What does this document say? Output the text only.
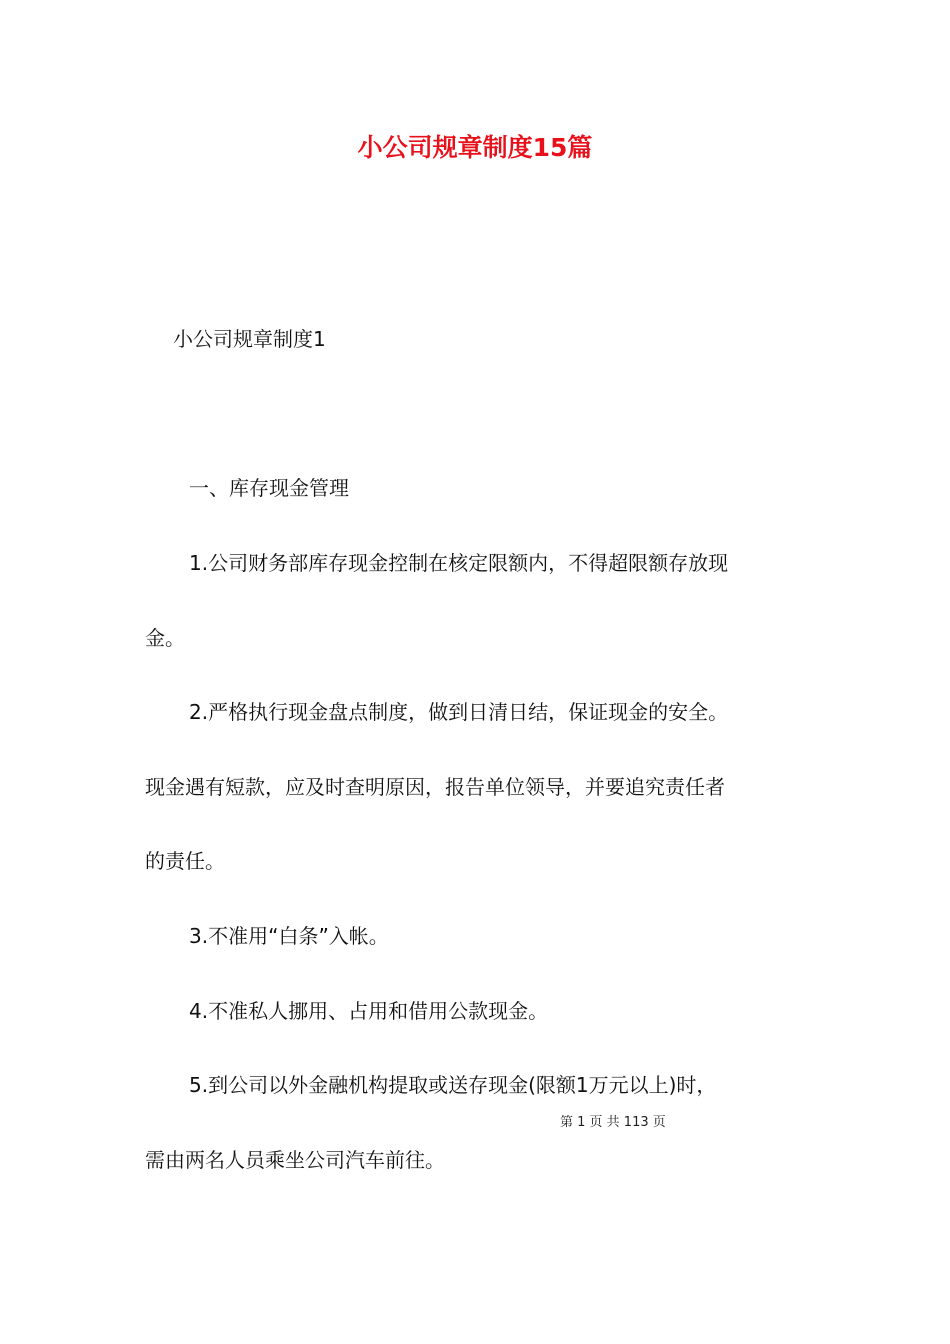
小公司规章制度15篇

小公司规章制度1

一、库存现金管理

1.公司财务部库存现金控制在核定限额内，不得超限额存放现

金。

2.严格执行现金盘点制度，做到日清日结，保证现金的安全。

现金遇有短款，应及时查明原因，报告单位领导，并要追究责任者

的责任。

3.不准用“白条”入帐。

4.不准私人挪用、占用和借用公款现金。

5.到公司以外金融机构提取或送存现金(限额1万元以上)时，

第 1 页 共 113 页

需由两名人员乘坐公司汽车前往。
